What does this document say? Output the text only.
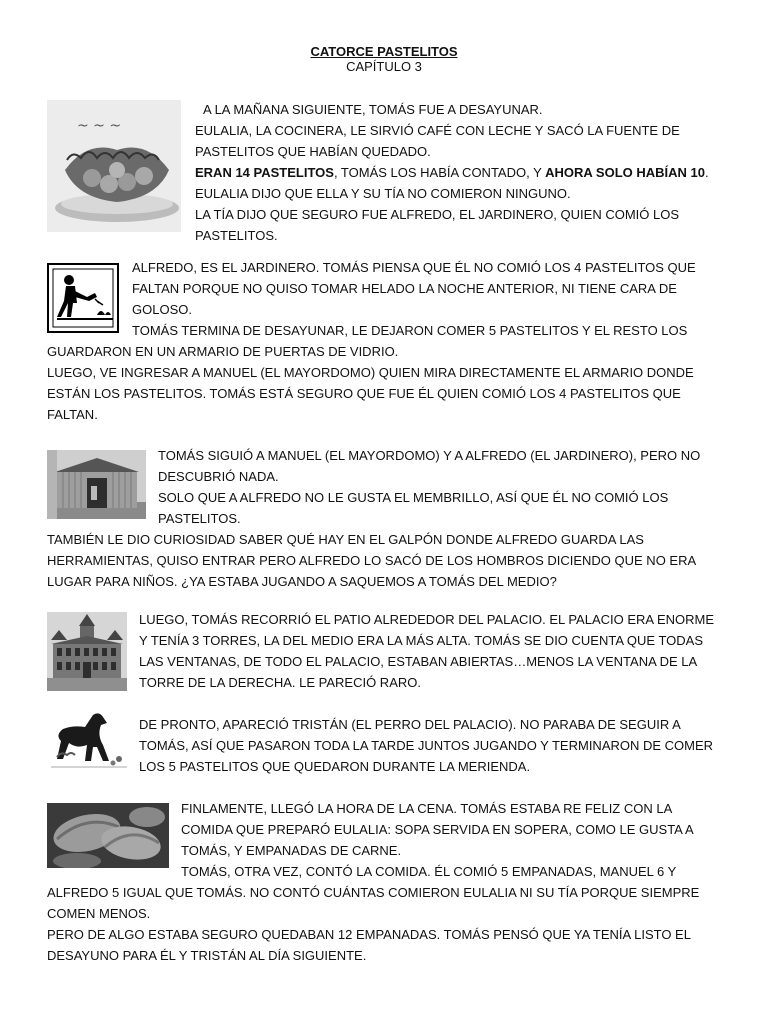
CATORCE PASTELITOS
CAPÍTULO 3
~ ~ ~
A LA MAÑANA SIGUIENTE, TOMÁS FUE A DESAYUNAR.
EULALIA, LA COCINERA, LE SIRVIÓ CAFÉ CON LECHE Y SACÓ LA FUENTE DE
PASTELITOS QUE HABÍAN QUEDADO.
ERAN 14 PASTELITOS, TOMÁS LOS HABÍA CONTADO, Y AHORA SOLO HABÍAN 10.
EULALIA DIJO QUE ELLA Y SU TÍA NO COMIERON NINGUNO.
LA TÍA DIJO QUE SEGURO FUE ALFREDO, EL JARDINERO, QUIEN COMIÓ LOS
PASTELITOS.
ALFREDO, ES EL JARDINERO. TOMÁS PIENSA QUE ÉL NO COMIÓ LOS 4 PASTELITOS QUE
FALTAN PORQUE NO QUISO TOMAR HELADO LA NOCHE ANTERIOR, NI TIENE CARA DE
GOLOSO.
TOMÁS TERMINA DE DESAYUNAR, LE DEJARON COMER 5 PASTELITOS Y EL RESTO LOS
GUARDARON EN UN ARMARIO DE PUERTAS DE VIDRIO.
LUEGO, VE INGRESAR A MANUEL (EL MAYORDOMO) QUIEN MIRA DIRECTAMENTE EL ARMARIO DONDE
ESTÁN LOS PASTELITOS. TOMÁS ESTÁ SEGURO QUE FUE ÉL QUIEN COMIÓ LOS 4 PASTELITOS QUE
FALTAN.
TOMÁS SIGUIÓ A MANUEL (EL MAYORDOMO) Y A ALFREDO (EL JARDINERO), PERO NO
DESCUBRIÓ NADA.
SOLO QUE A ALFREDO NO LE GUSTA EL MEMBRILLO, ASÍ QUE ÉL NO COMIÓ LOS
PASTELITOS.
TAMBIÉN LE DIO CURIOSIDAD SABER QUÉ HAY EN EL GALPÓN DONDE ALFREDO GUARDA LAS
HERRAMIENTAS, QUISO ENTRAR PERO ALFREDO LO SACÓ DE LOS HOMBROS DICIENDO QUE NO ERA
LUGAR PARA NIÑOS. ¿YA ESTABA JUGANDO A SAQUEMOS A TOMÁS DEL MEDIO?
LUEGO, TOMÁS RECORRIÓ EL PATIO ALREDEDOR DEL PALACIO. EL PALACIO ERA ENORME
Y TENÍA 3 TORRES, LA DEL MEDIO ERA LA MÁS ALTA. TOMÁS SE DIO CUENTA QUE TODAS
LAS VENTANAS, DE TODO EL PALACIO, ESTABAN ABIERTAS…MENOS LA VENTANA DE LA
TORRE DE LA DERECHA. LE PARECIÓ RARO.
DE PRONTO, APARECIÓ TRISTÁN (EL PERRO DEL PALACIO). NO PARABA DE SEGUIR A
TOMÁS, ASÍ QUE PASARON TODA LA TARDE JUNTOS JUGANDO Y TERMINARON DE COMER
LOS 5 PASTELITOS QUE QUEDARON DURANTE LA MERIENDA.
FINLAMENTE, LLEGÓ LA HORA DE LA CENA. TOMÁS ESTABA RE FELIZ CON LA
COMIDA QUE PREPARÓ EULALIA: SOPA SERVIDA EN SOPERA, COMO LE GUSTA A
TOMÁS, Y EMPANADAS DE CARNE.
TOMÁS, OTRA VEZ, CONTÓ LA COMIDA. ÉL COMIÓ 5 EMPANADAS, MANUEL 6 Y
ALFREDO 5 IGUAL QUE TOMÁS. NO CONTÓ CUÁNTAS COMIERON EULALIA NI SU TÍA PORQUE SIEMPRE
COMEN MENOS.
PERO DE ALGO ESTABA SEGURO QUEDABAN 12 EMPANADAS. TOMÁS PENSÓ QUE YA TENÍA LISTO EL
DESAYUNO PARA ÉL Y TRISTÁN AL DÍA SIGUIENTE.
